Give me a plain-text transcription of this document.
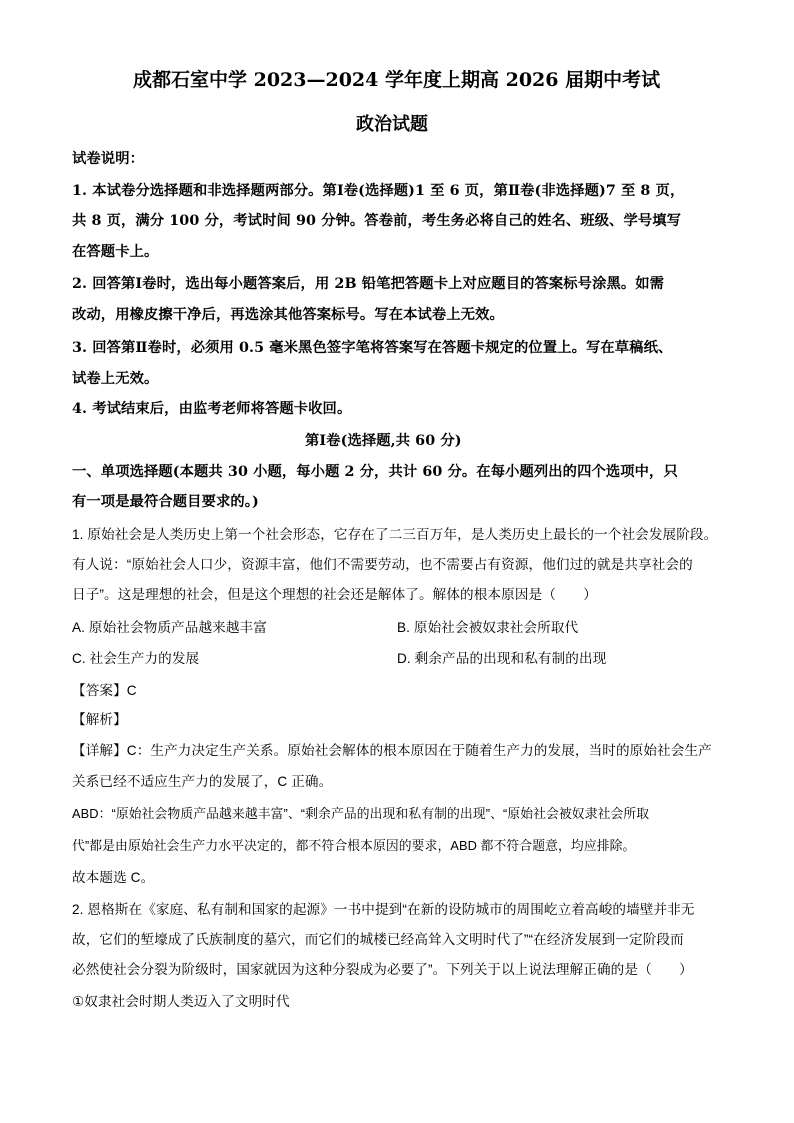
成都石室中学 2023—2024 学年度上期高 2026 届期中考试
政治试题
试卷说明：
1. 本试卷分选择题和非选择题两部分。第Ⅰ卷(选择题)1 至 6 页，第Ⅱ卷(非选择题)7 至 8 页，
共 8 页，满分 100 分，考试时间 90 分钟。答卷前，考生务必将自己的姓名、班级、学号填写
在答题卡上。
2. 回答第Ⅰ卷时，选出每小题答案后，用 2B 铅笔把答题卡上对应题目的答案标号涂黑。如需
改动，用橡皮擦干净后，再选涂其他答案标号。写在本试卷上无效。
3. 回答第Ⅱ卷时，必须用 0.5 毫米黑色签字笔将答案写在答题卡规定的位置上。写在草稿纸、
试卷上无效。
4. 考试结束后，由监考老师将答题卡收回。
第Ⅰ卷(选择题,共 60 分)
一、单项选择题(本题共 30 小题，每小题 2 分，共计 60 分。在每小题列出的四个选项中，只
有一项是最符合题目要求的。)
1. 原始社会是人类历史上第一个社会形态，它存在了二三百万年，是人类历史上最长的一个社会发展阶段。
有人说：“原始社会人口少，资源丰富，他们不需要劳动，也不需要占有资源，他们过的就是共享社会的
日子”。这是理想的社会，但是这个理想的社会还是解体了。解体的根本原因是（　　）
A. 原始社会物质产品越来越丰富	B. 原始社会被奴隶社会所取代
C. 社会生产力的发展	D. 剩余产品的出现和私有制的出现
【答案】C
【解析】
【详解】C：生产力决定生产关系。原始社会解体的根本原因在于随着生产力的发展，当时的原始社会生产
关系已经不适应生产力的发展了，C 正确。
ABD：“原始社会物质产品越来越丰富”、“剩余产品的出现和私有制的出现”、“原始社会被奴隶社会所取
代”都是由原始社会生产力水平决定的，都不符合根本原因的要求，ABD 都不符合题意，均应排除。
故本题选 C。
2. 恩格斯在《家庭、私有制和国家的起源》一书中提到“在新的设防城市的周围屹立着高峻的墙壁并非无
故，它们的堑壕成了氏族制度的墓穴，而它们的城楼已经高耸入文明时代了”“在经济发展到一定阶段而
必然使社会分裂为阶级时，国家就因为这种分裂成为必要了”。下列关于以上说法理解正确的是（　　）
①奴隶社会时期人类迈入了文明时代
